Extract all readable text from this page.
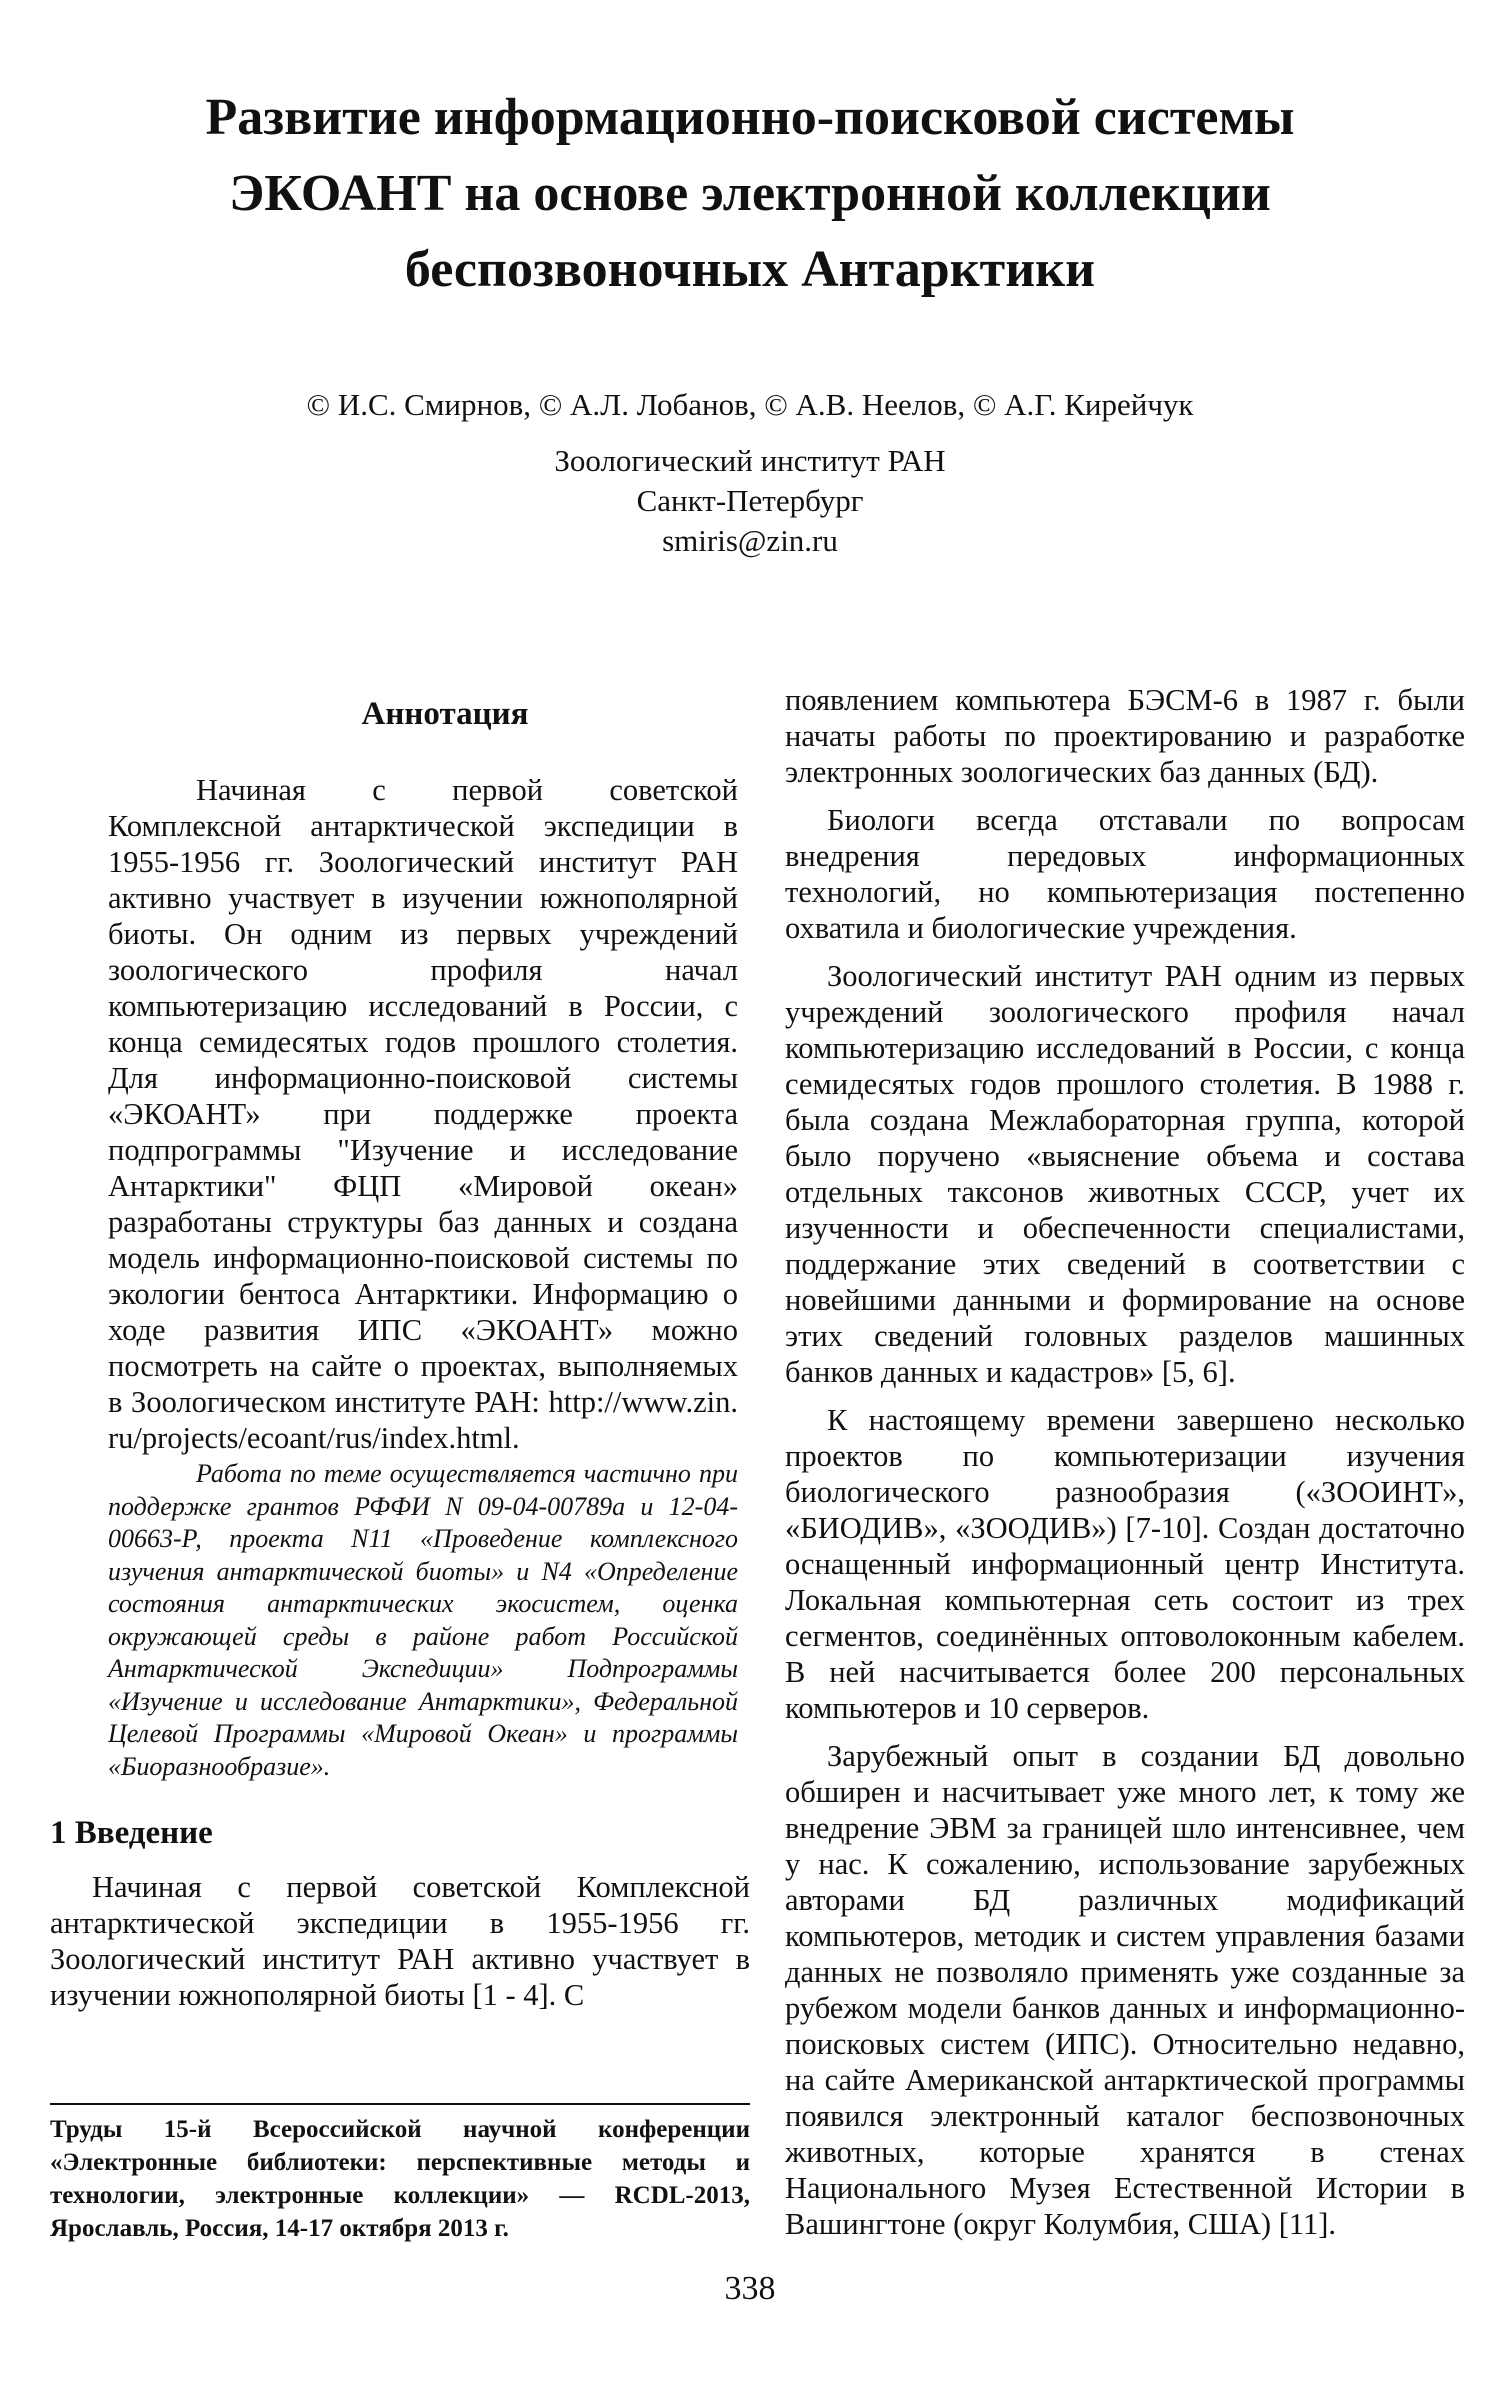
Развитие информационно-поисковой системы
ЭКОАНТ на основе электронной коллекции
беспозвоночных Антарктики
© И.С. Смирнов, © А.Л. Лобанов, © А.В. Неелов, © А.Г. Кирейчук
Зоологический институт РАН
Санкт-Петербург
smiris@zin.ru
Аннотация

Начиная с первой советской Комплексной антарктической экспедиции в 1955-1956 гг. Зоологический институт РАН активно участвует в изучении южнополярной биоты. Он одним из первых учреждений зоологического профиля начал компьютеризацию исследований в России, с конца семидесятых годов прошлого столетия. Для информационно-поисковой системы «ЭКОАНТ» при поддержке проекта подпрограммы "Изучение и исследование Антарктики" ФЦП «Мировой океан» разработаны структуры баз данных и создана модель информационно-поисковой системы по экологии бентоса Антарктики. Информацию о ходе развития ИПС «ЭКОАНТ» можно посмотреть на сайте о проектах, выполняемых в Зоологическом институте РАН: http://www.zin.ru/projects/ecoant/rus/index.html.

Работа по теме осуществляется частично при поддержке грантов РФФИ N 09-04-00789а и 12-04-00663-Р, проекта N11 «Проведение комплексного изучения антарктической биоты» и N4 «Определение состояния антарктических экосистем, оценка окружающей среды в районе работ Российской Антарктической Экспедиции» Подпрограммы «Изучение и исследование Антарктики», Федеральной Целевой Программы «Мировой Океан» и программы «Биоразнообразие».

1 Введение

Начиная с первой советской Комплексной антарктической экспедиции в 1955-1956 гг. Зоологический институт РАН активно участвует в изучении южнополярной биоты [1 - 4]. С

Труды 15-й Всероссийской научной конференции «Электронные библиотеки: перспективные методы и технологии, электронные коллекции» — RCDL-2013, Ярославль, Россия, 14-17 октября 2013 г.

появлением компьютера БЭСМ-6 в 1987 г. были начаты работы по проектированию и разработке электронных зоологических баз данных (БД).

Биологи всегда отставали по вопросам внедрения передовых информационных технологий, но компьютеризация постепенно охватила и биологические учреждения.

Зоологический институт РАН одним из первых учреждений зоологического профиля начал компьютеризацию исследований в России, с конца семидесятых годов прошлого столетия. В 1988 г. была создана Межлабораторная группа, которой было поручено «выяснение объема и состава отдельных таксонов животных СССР, учет их изученности и обеспеченности специалистами, поддержание этих сведений в соответствии с новейшими данными и формирование на основе этих сведений головных разделов машинных банков данных и кадастров» [5, 6].

К настоящему времени завершено несколько проектов по компьютеризации изучения биологического разнообразия («ЗООИНТ», «БИОДИВ», «ЗООДИВ») [7-10]. Создан достаточно оснащенный информационный центр Института. Локальная компьютерная сеть состоит из трех сегментов, соединённых оптоволоконным кабелем. В ней насчитывается более 200 персональных компьютеров и 10 серверов.

Зарубежный опыт в создании БД довольно обширен и насчитывает уже много лет, к тому же внедрение ЭВМ за границей шло интенсивнее, чем у нас. К сожалению, использование зарубежных авторами БД различных модификаций компьютеров, методик и систем управления базами данных не позволяло применять уже созданные за рубежом модели банков данных и информационно-поисковых систем (ИПС). Относительно недавно, на сайте Американской антарктической программы появился электронный каталог беспозвоночных животных, которые хранятся в стенах Национального Музея Естественной Истории в Вашингтоне (округ Колумбия, США) [11].

338
